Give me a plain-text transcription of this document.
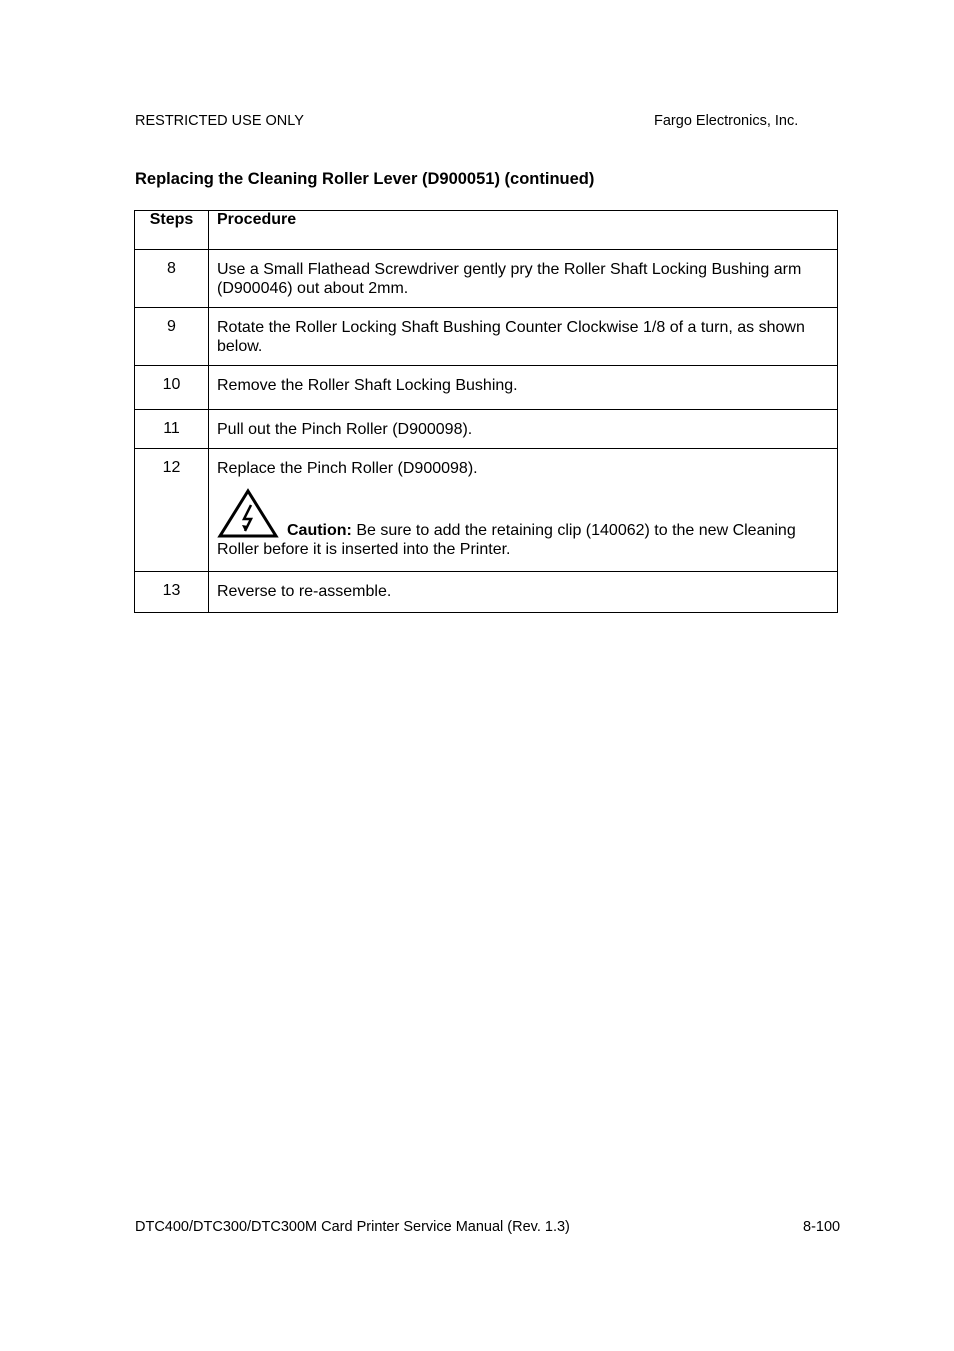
RESTRICTED USE ONLY	Fargo Electronics, Inc.
Replacing the Cleaning Roller Lever (D900051) (continued)
Steps	Procedure
8	Use a Small Flathead Screwdriver gently pry the Roller Shaft Locking Bushing arm (D900046) out about 2mm.
9	Rotate the Roller Locking Shaft Bushing Counter Clockwise 1/8 of a turn, as shown below.
10	Remove the Roller Shaft Locking Bushing.
11	Pull out the Pinch Roller (D900098).
12	Replace the Pinch Roller (D900098).
Caution: Be sure to add the retaining clip (140062) to the new Cleaning Roller before it is inserted into the Printer.

13	Reverse to re-assemble.
DTC400/DTC300/DTC300M Card Printer Service Manual (Rev. 1.3)	8-100
